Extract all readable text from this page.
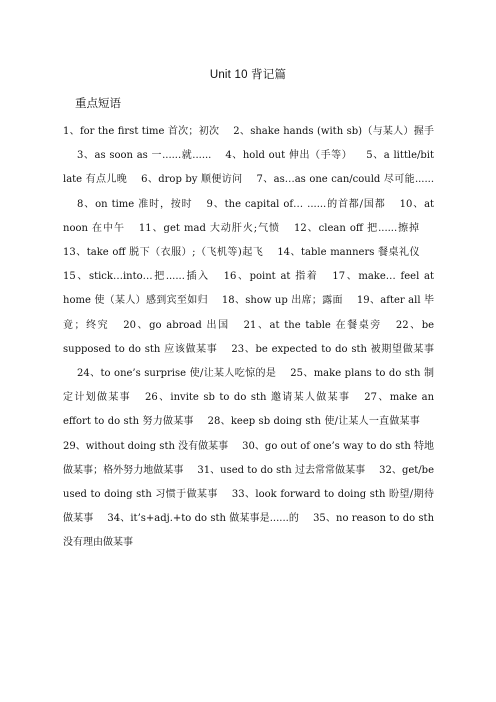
Unit 10 背记篇
重点短语
1、for the first time 首次；初次 2、shake hands (with sb)（与某人）握手3、as soon as 一......就...... 4、hold out 伸出（手等） 5、a little/bit late 有点儿晚 6、drop by 顺便访问 7、as…as one can/could 尽可能......8、on time 准时，按时 9、the capital of… ......的首都/国都 10、at noon 在中午 11、get mad 大动肝火;气愤 12、clean off 把......擦掉13、take off 脱下（衣服）;（飞机等)起飞 14、table manners 餐桌礼仪15、stick…into…把......插入 16、point at 指着 17、make… feel at home 使（某人）感到宾至如归 18、show up 出席；露面 19、after all 毕竟；终究 20、go abroad 出国 21、at the table 在餐桌旁 22、be supposed to do sth 应该做某事 23、be expected to do sth 被期望做某事24、to one’s surprise 使/让某人吃惊的是 25、make plans to do sth 制定计划做某事 26、invite sb to do sth 邀请某人做某事 27、make an effort to do sth 努力做某事 28、keep sb doing sth 使/让某人一直做某事29、without doing sth 没有做某事 30、go out of one’s way to do sth 特地做某事；格外努力地做某事 31、used to do sth 过去常常做某事 32、get/be used to doing sth 习惯于做某事 33、look forward to doing sth 盼望/期待做某事 34、it’s+adj.+to do sth 做某事是......的 35、no reason to do sth 没有理由做某事
